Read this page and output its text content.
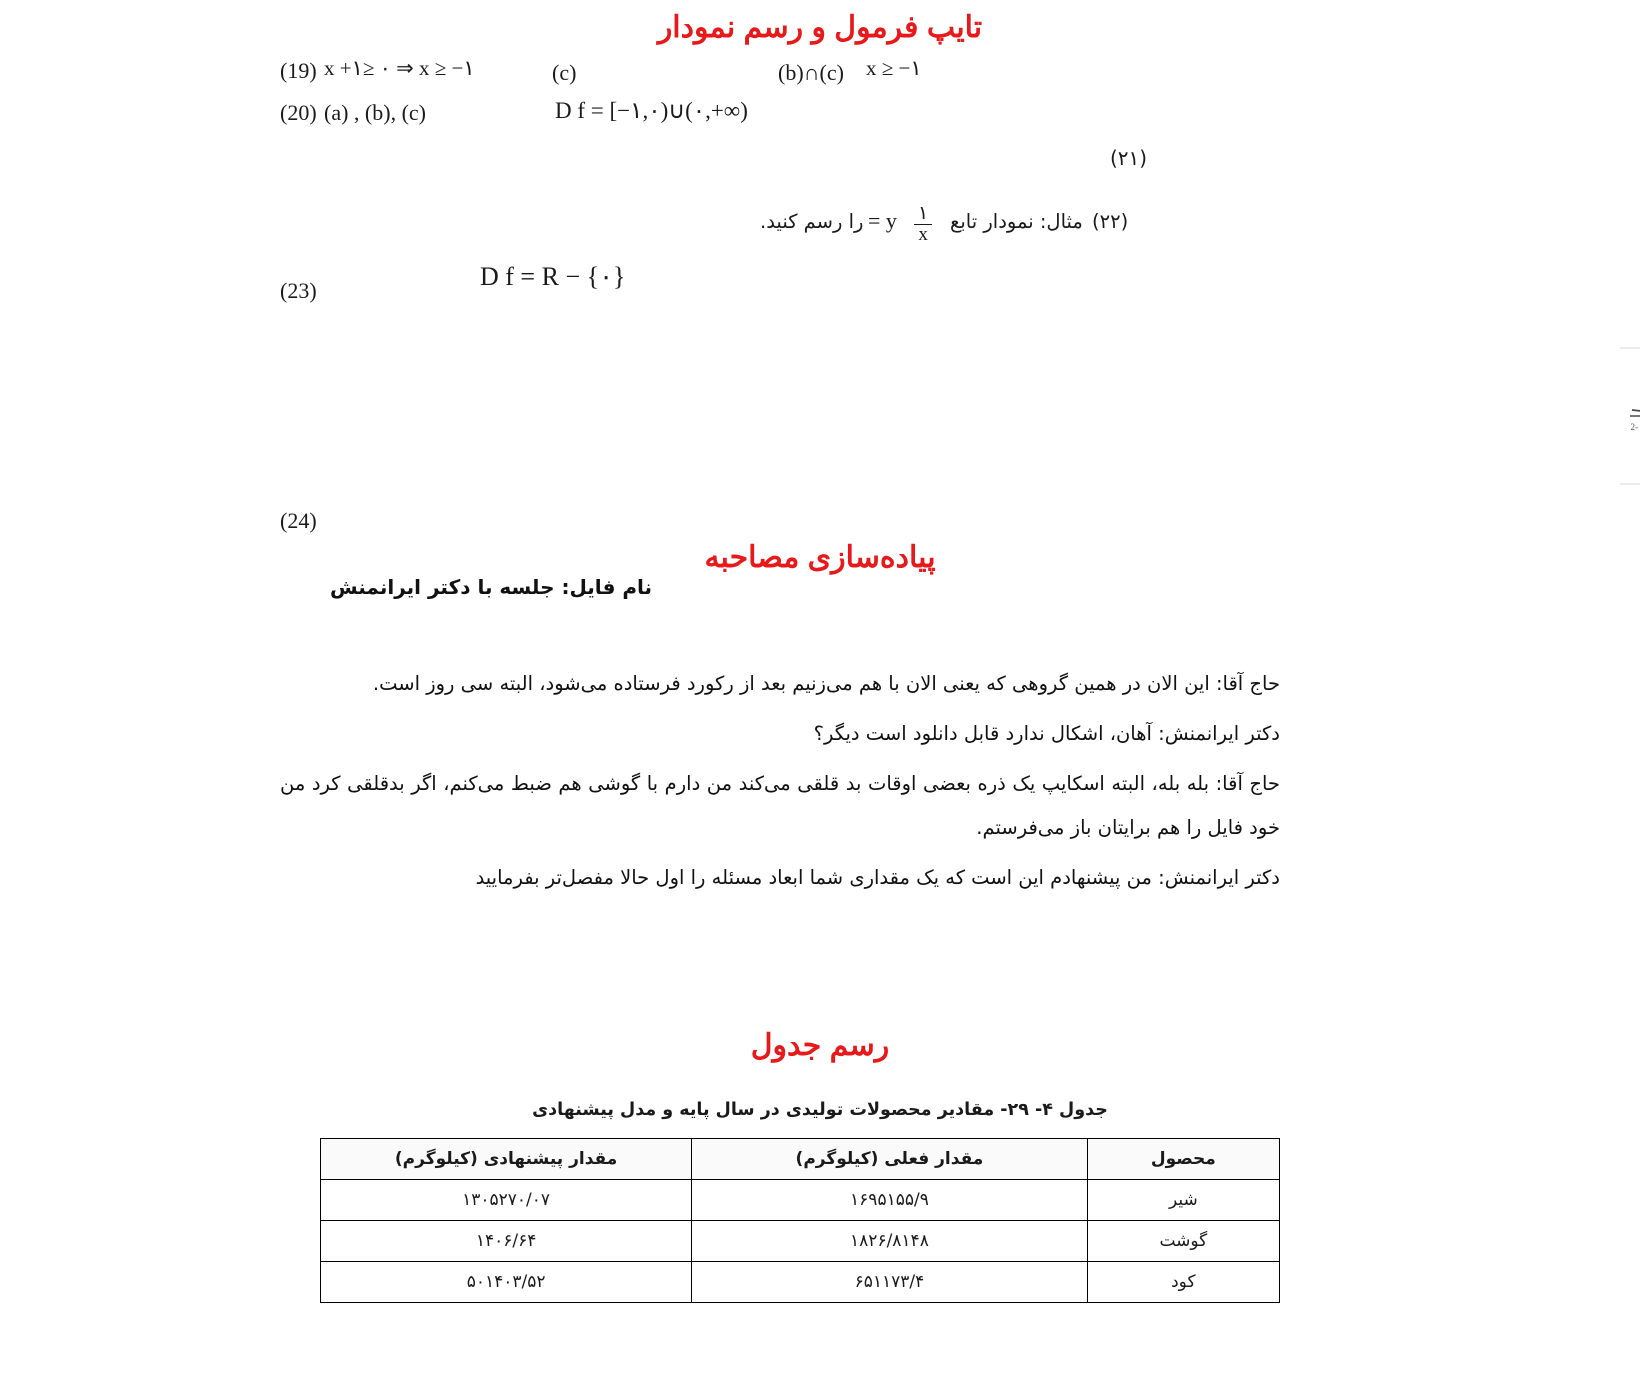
تایپ فرمول و رسم نمودار
(19) x +۱≥ ۰ ⇒ x ≥ −۱	(c)	(b)∩(c) x ≥ −۱
(20) (a) , (b), (c)	D f = [−۱,۰)∪(۰,+∞)
(۲۱)
را رسم کنید. y = ۱
x
مثال: نمودار تابع (۲۲)
(23)	D f = R − {۰}
-2
(24)
پیاده‌سازی مصاحبه
نام فایل: جلسه با دکتر ایرانمنش

حاج آقا: این الان در همین گروهی که یعنی الان با هم می‌زنیم بعد از رکورد فرستاده می‌شود، البته سی روز است.

دکتر ایرانمنش: آهان، اشکال ندارد قابل دانلود است دیگر؟

حاج آقا: بله بله، البته اسکایپ یک ذره بعضی اوقات بد قلقی می‌کند من دارم با گوشی هم ضبط می‌کنم، اگر بدقلقی کرد من خود فایل را هم برایتان باز می‌فرستم.

دکتر ایرانمنش: من پیشنهادم این است که یک مقداری شما ابعاد مسئله را اول حالا مفصل‌تر بفرمایید

رسم جدول
جدول ۴- ۲۹- مقادیر محصولات تولیدی در سال پایه و مدل پیشنهادی
محصول	مقدار فعلی (کیلوگرم)	مقدار پیشنهادی (کیلوگرم)
شیر	۱۶۹۵۱۵۵/۹	۱۳۰۵۲۷۰/۰۷
گوشت	۱۸۲۶/۸۱۴۸	۱۴۰۶/۶۴
کود	۶۵۱۱۷۳/۴	۵۰۱۴۰۳/۵۲
